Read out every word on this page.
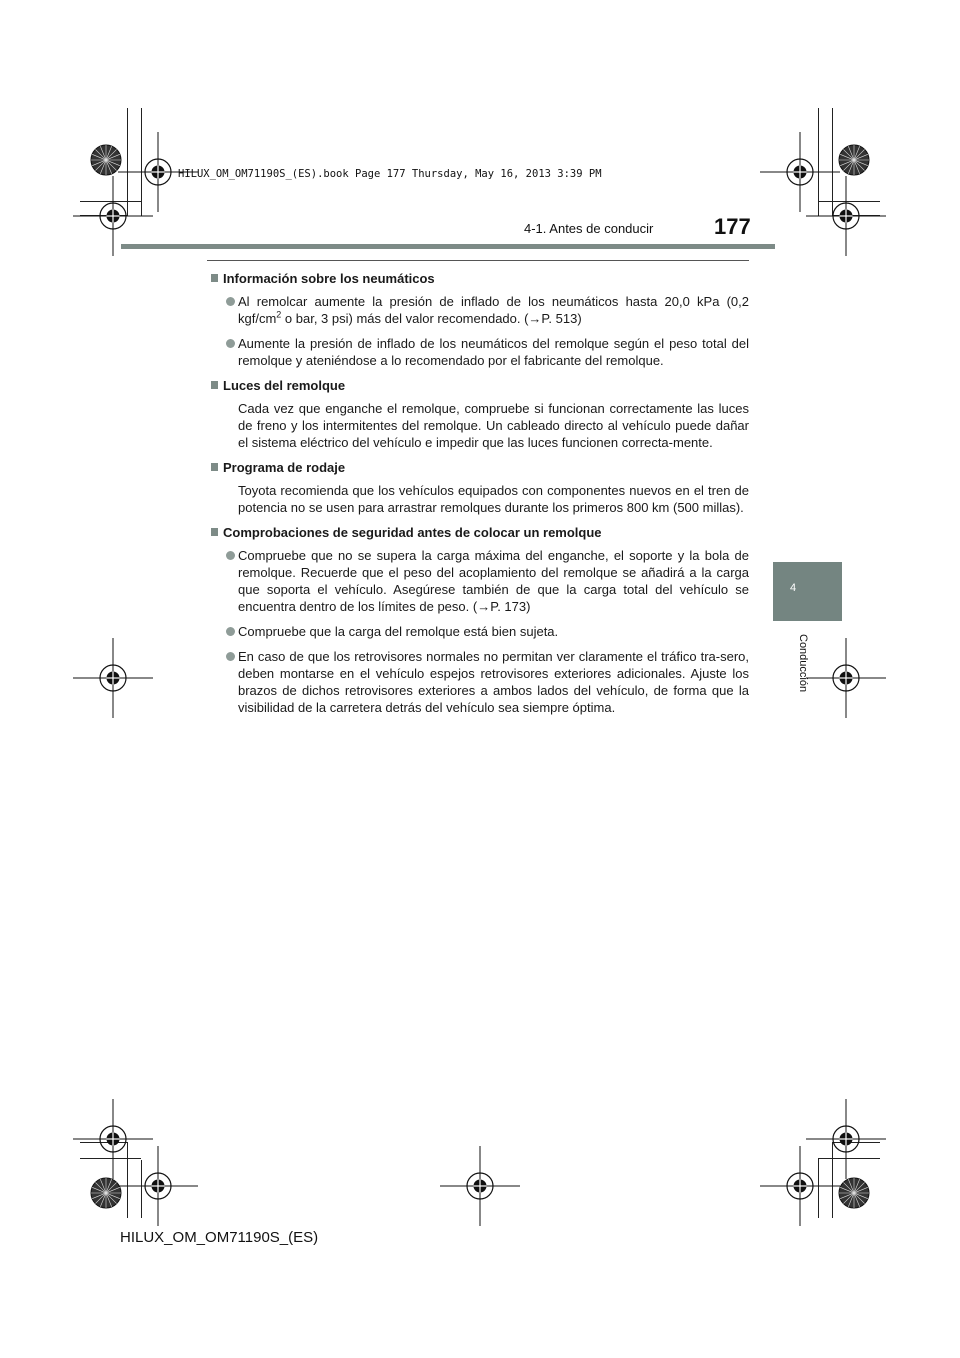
HILUX_OM_OM71190S_(ES).book Page 177 Thursday, May 16, 2013 3:39 PM
177
4-1. Antes de conducir
4
Conducción
Información sobre los neumáticos
Al remolcar aumente la presión de inflado de los neumáticos hasta 20,0 kPa (0,2 kgf/$cm^2$ o bar, 3 psi) más del valor recomendado. (→P. 513)
Aumente la presión de inflado de los neumáticos del remolque según el peso total del remolque y ateniéndose a lo recomendado por el fabricante del remolque.
Luces del remolque
Cada vez que enganche el remolque, compruebe si funcionan correctamente las luces de freno y los intermitentes del remolque. Un cableado directo al vehículo puede dañar el sistema eléctrico del vehículo e impedir que las luces funcionen correcta-mente.
Programa de rodaje
Toyota recomienda que los vehículos equipados con componentes nuevos en el tren de potencia no se usen para arrastrar remolques durante los primeros 800 km (500 millas).
Comprobaciones de seguridad antes de colocar un remolque
Compruebe que no se supera la carga máxima del enganche, el soporte y la bola de remolque. Recuerde que el peso del acoplamiento del remolque se añadirá a la carga que soporta el vehículo. Asegúrese también de que la carga total del vehículo se encuentra dentro de los límites de peso. (→P. 173)
Compruebe que la carga del remolque está bien sujeta.
En caso de que los retrovisores normales no permitan ver claramente el tráfico tra-sero, deben montarse en el vehículo espejos retrovisores exteriores adicionales. Ajuste los brazos de dichos retrovisores exteriores a ambos lados del vehículo, de forma que la visibilidad de la carretera detrás del vehículo sea siempre óptima.
HILUX_OM_OM71190S_(ES)
